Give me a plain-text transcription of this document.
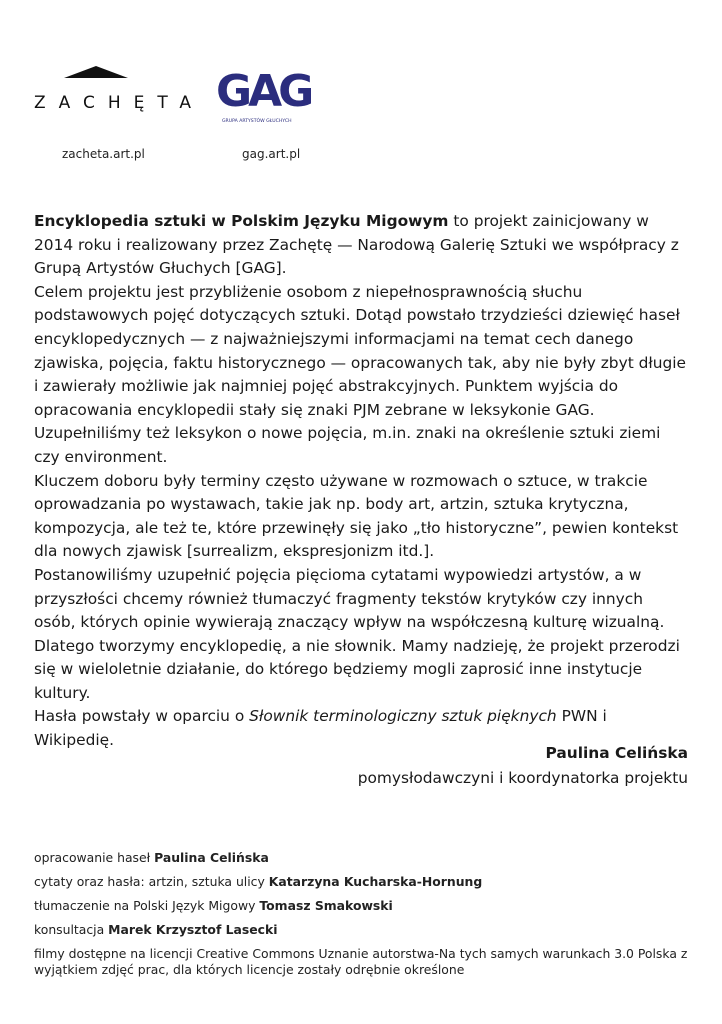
ZACHĘTA
zacheta.art.pl
GAG
GRUPA ARTYSTÓW GŁUCHYCH
gag.art.pl

Encyklopedia sztuki w Polskim Języku Migowym to projekt zainicjowany w 2014 roku i realizowany przez Zachętę — Narodową Galerię Sztuki we współpracy z Grupą Artystów Głuchych [GAG].

Celem projektu jest przybliżenie osobom z niepełnosprawnością słuchu podstawowych pojęć dotyczących sztuki. Dotąd powstało trzydzieści dziewięć haseł encyklopedycznych — z najważniejszymi informacjami na temat cech danego zjawiska, pojęcia, faktu historycznego — opracowanych tak, aby nie były zbyt długie i zawierały możliwie jak najmniej pojęć abstrakcyjnych. Punktem wyjścia do opracowania encyklopedii stały się znaki PJM zebrane w leksykonie GAG. Uzupełniliśmy też leksykon o nowe pojęcia, m.in. znaki na określenie sztuki ziemi czy environment.

Kluczem doboru były terminy często używane w rozmowach o sztuce, w trakcie oprowadzania po wystawach, takie jak np. body art, artzin, sztuka krytyczna, kompozycja, ale też te, które przewinęły się jako „tło historyczne”, pewien kontekst dla nowych zjawisk [surrealizm, ekspresjonizm itd.].

Postanowiliśmy uzupełnić pojęcia pięcioma cytatami wypowiedzi artystów, a w przyszłości chcemy również tłumaczyć fragmenty tekstów krytyków czy innych osób, których opinie wywierają znaczący wpływ na współczesną kulturę wizualną. Dlatego tworzymy encyklopedię, a nie słownik. Mamy nadzieję, że projekt przerodzi się w wieloletnie działanie, do którego będziemy mogli zaprosić inne instytucje kultury.

Hasła powstały w oparciu o Słownik terminologiczny sztuk pięknych PWN i Wikipedię.

Paulina Celińska
pomysłodawczyni i koordynatorka projektu
opracowanie haseł Paulina Celińska
cytaty oraz hasła: artzin, sztuka ulicy Katarzyna Kucharska-Hornung
tłumaczenie na Polski Język Migowy Tomasz Smakowski
konsultacja Marek Krzysztof Lasecki
filmy dostępne na licencji Creative Commons Uznanie autorstwa-Na tych samych warunkach 3.0 Polska z wyjątkiem zdjęć prac, dla których licencje zostały odrębnie określone
